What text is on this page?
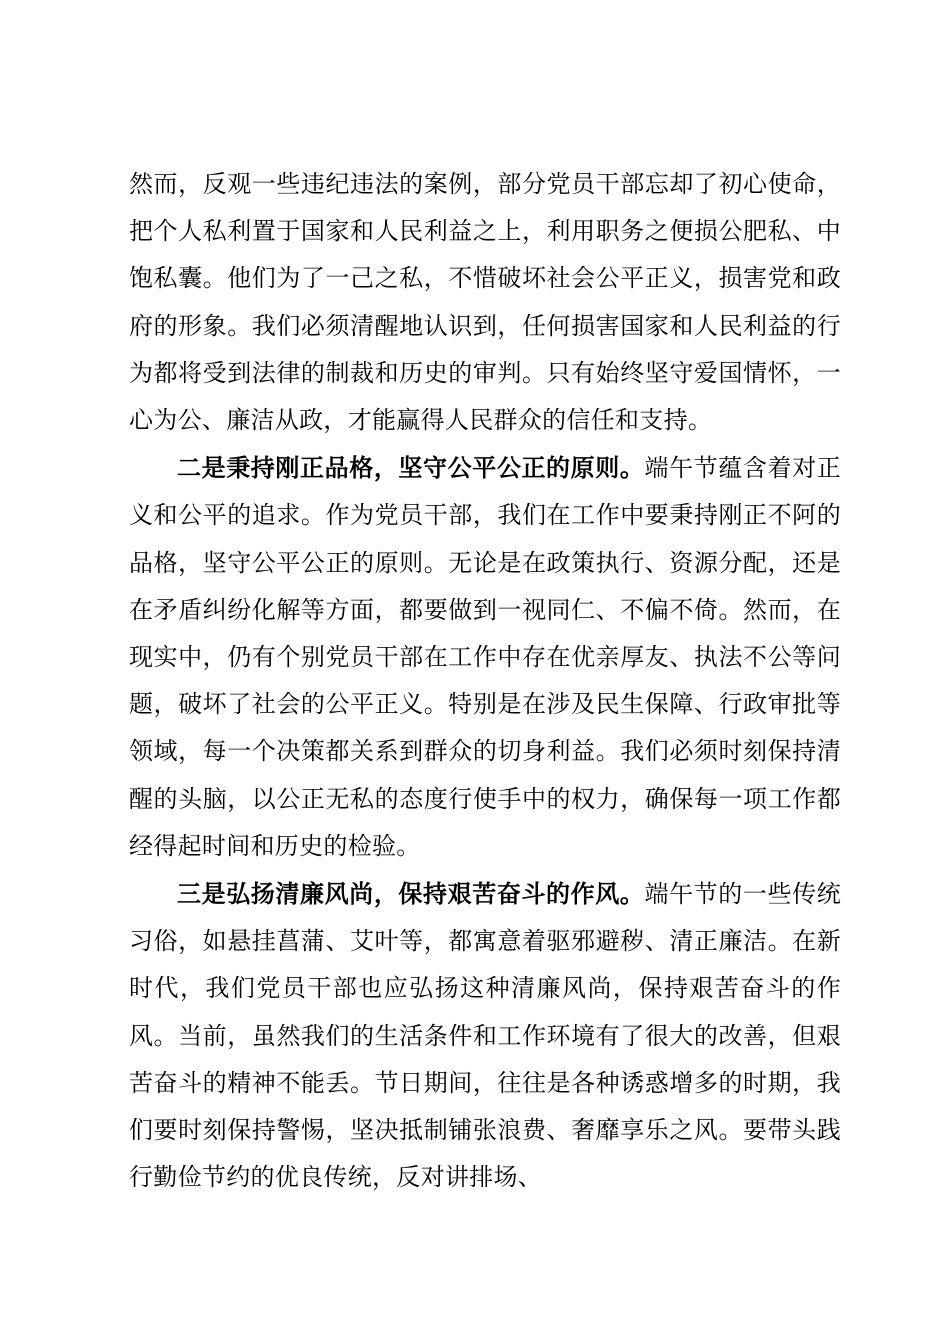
然而，反观一些违纪违法的案例，部分党员干部忘却了初心使命，把个人私利置于国家和人民利益之上，利用职务之便损公肥私、中饱私囊。他们为了一己之私，不惜破坏社会公平正义，损害党和政府的形象。我们必须清醒地认识到，任何损害国家和人民利益的行为都将受到法律的制裁和历史的审判。只有始终坚守爱国情怀，一心为公、廉洁从政，才能赢得人民群众的信任和支持。

二是秉持刚正品格，坚守公平公正的原则。端午节蕴含着对正义和公平的追求。作为党员干部，我们在工作中要秉持刚正不阿的品格，坚守公平公正的原则。无论是在政策执行、资源分配，还是在矛盾纠纷化解等方面，都要做到一视同仁、不偏不倚。然而，在现实中，仍有个别党员干部在工作中存在优亲厚友、执法不公等问题，破坏了社会的公平正义。特别是在涉及民生保障、行政审批等领域，每一个决策都关系到群众的切身利益。我们必须时刻保持清醒的头脑，以公正无私的态度行使手中的权力，确保每一项工作都经得起时间和历史的检验。

三是弘扬清廉风尚，保持艰苦奋斗的作风。端午节的一些传统习俗，如悬挂菖蒲、艾叶等，都寓意着驱邪避秽、清正廉洁。在新时代，我们党员干部也应弘扬这种清廉风尚，保持艰苦奋斗的作风。当前，虽然我们的生活条件和工作环境有了很大的改善，但艰苦奋斗的精神不能丢。节日期间，往往是各种诱惑增多的时期，我们要时刻保持警惕，坚决抵制铺张浪费、奢靡享乐之风。要带头践行勤俭节约的优良传统，反对讲排场、
